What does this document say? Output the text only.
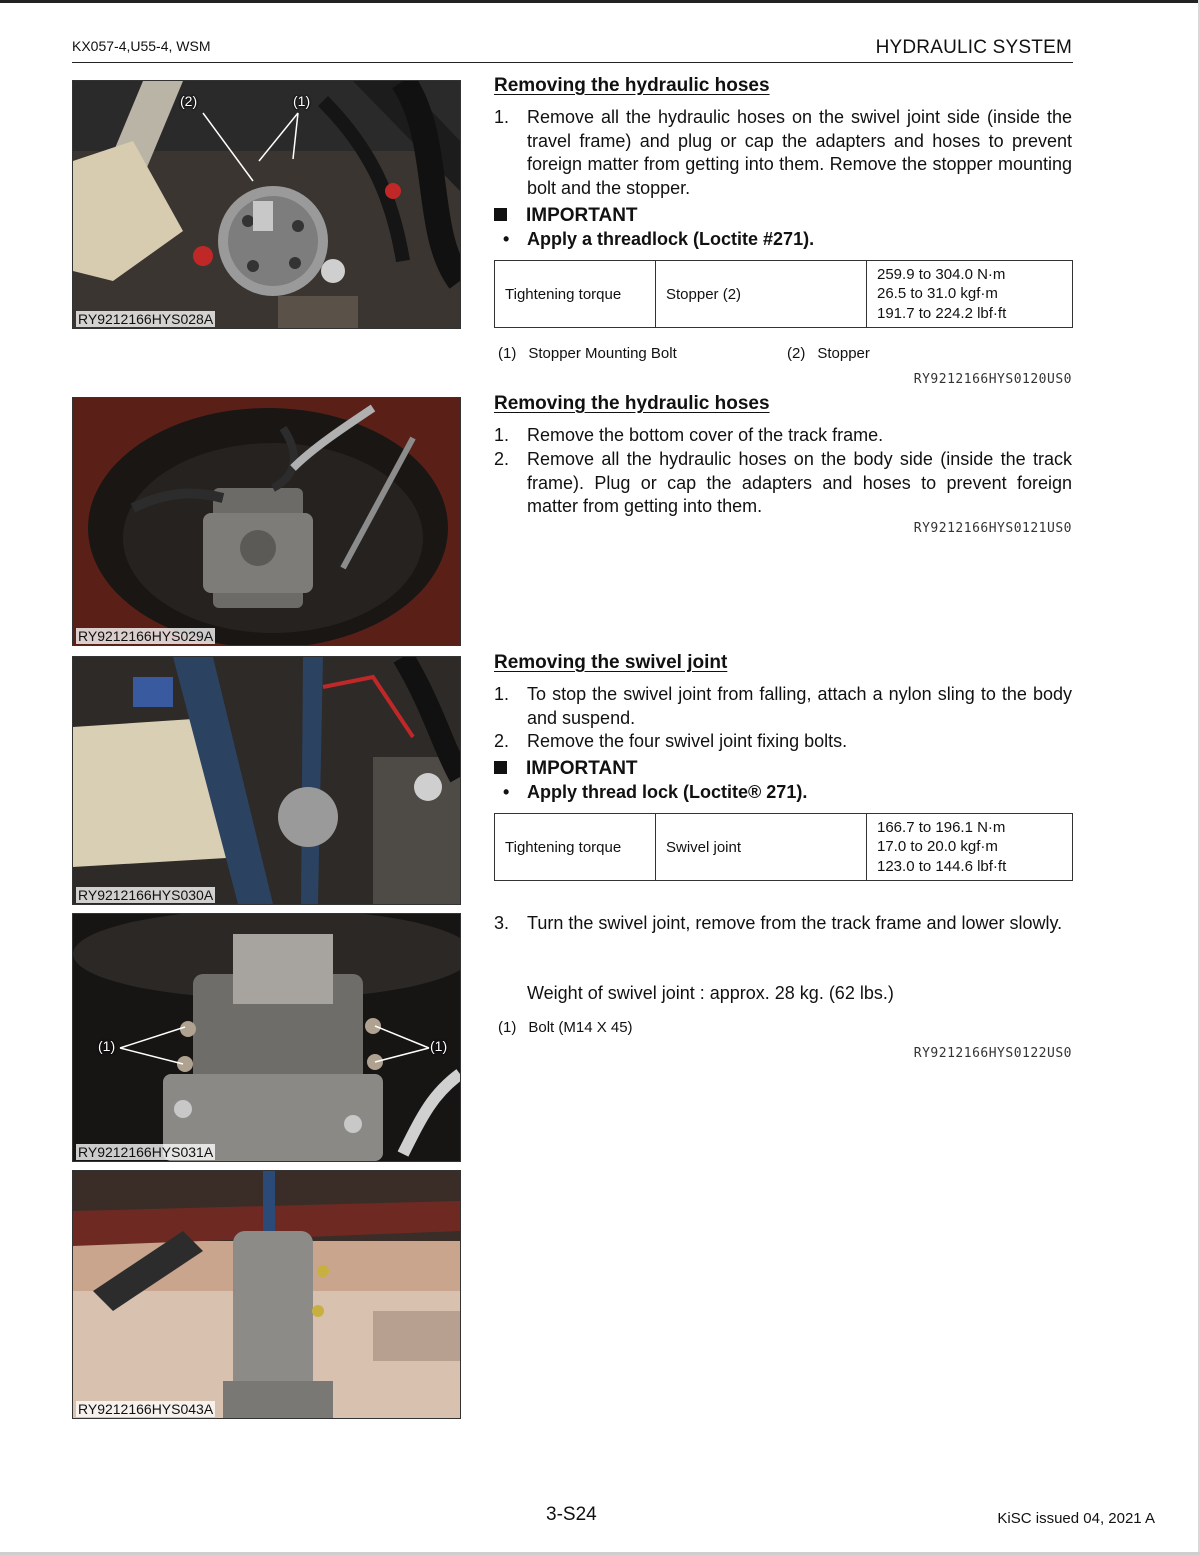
KX057-4,U55-4, WSM	HYDRAULIC SYSTEM
(2)	(1)
RY9212166HYS028A
RY9212166HYS029A
RY9212166HYS030A
(1)	(1)
RY9212166HYS031A
RY9212166HYS043A
Removing the hydraulic hoses
1. Remove all the hydraulic hoses on the swivel joint side (inside the travel frame) and plug or cap the adapters and hoses to prevent foreign matter from getting into them. Remove the stopper mounting bolt and the stopper.
IMPORTANT
• Apply a threadlock (Loctite #271).
Tightening torque	Stopper (2)	
259.9 to 304.0 N·m
26.5 to 31.0 kgf·m
191.7 to 224.2 lbf·ft
(1) Stopper Mounting Bolt	(2) Stopper
RY9212166HYS0120US0
Removing the hydraulic hoses
1. Remove the bottom cover of the track frame.
2. Remove all the hydraulic hoses on the body side (inside the track frame). Plug or cap the adapters and hoses to prevent foreign matter from getting into them.
RY9212166HYS0121US0
Removing the swivel joint
1. To stop the swivel joint from falling, attach a nylon sling to the body and suspend.
2. Remove the four swivel joint fixing bolts.
IMPORTANT
• Apply thread lock (Loctite® 271).
Tightening torque	Swivel joint	
166.7 to 196.1 N·m
17.0 to 20.0 kgf·m
123.0 to 144.6 lbf·ft
3. Turn the swivel joint, remove from the track frame and lower slowly.
Weight of swivel joint : approx. 28 kg. (62 lbs.)
(1) Bolt (M14 X 45)
RY9212166HYS0122US0
3-S24	KiSC issued 04, 2021 A
